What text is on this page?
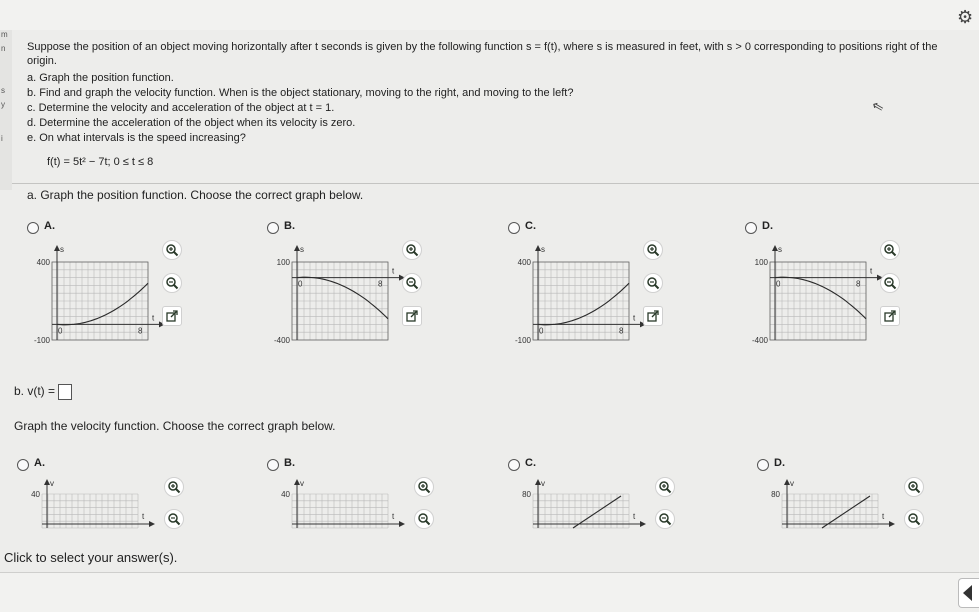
m
n
s
y
i
⚙

Suppose the position of an object moving horizontally after t seconds is given by the following function s = f(t), where s is measured in feet, with s > 0 corresponding to positions right of the origin.

a. Graph the position function.
b. Find and graph the velocity function. When is the object stationary, moving to the right, and moving to the left?
c. Determine the velocity and acceleration of the object at t = 1.
d. Determine the acceleration of the object when its velocity is zero.
e. On what intervals is the speed increasing?
f(t) = 5t² − 7t; 0 ≤ t ≤ 8
⇖
a. Graph the position function. Choose the correct graph below.
A.
s
t
400
-100
0	8
B.
s
t
100
-400
0	8
C.
s
t
400
-100
0	8
D.
s
t
100
-400
0	8
b. v(t) =
Graph the velocity function. Choose the correct graph below.
A.
v
t
40
B.
v
t
40
C.
v
t
80
D.
v
t
80
Click to select your answer(s).
